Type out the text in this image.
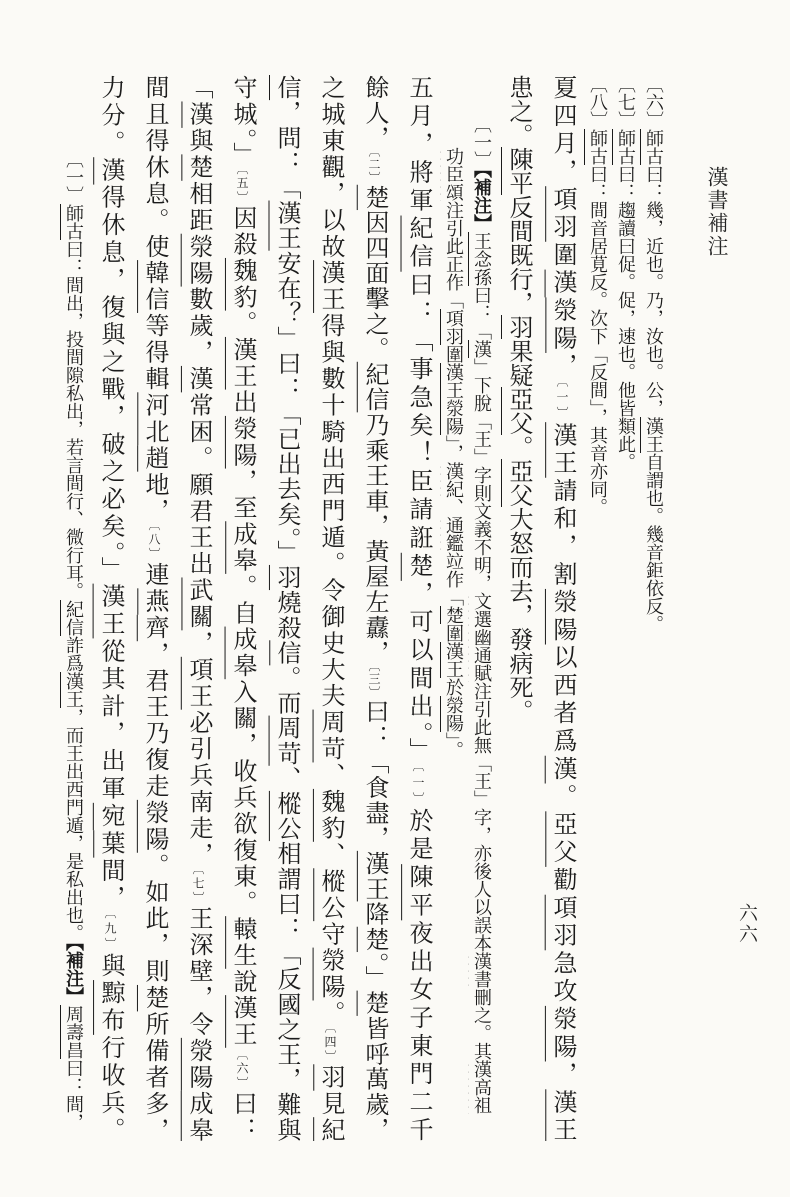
漢書補注
六六
〔六〕師古曰：幾，近也。乃，汝也。公，漢王自謂也。幾音鉅依反。
〔七〕師古曰：趨讀曰促。促，速也。他皆類此。
〔八〕師古曰：間音居莧反。次下「反間」，其音亦同。
夏四月，項羽圍漢滎陽，〔一〕漢王請和，割滎陽以西者爲漢。亞父勸項羽急攻滎陽，漢王
患之。陳平反間既行，羽果疑亞父。亞父大怒而去，發病死。
〔一〕【補注】王念孫曰：「漢」下脫「王」字則文義不明，文選幽通賦注引此無「王」字，亦後人以誤本漢書刪之。其漢高祖
功臣頌注引此正作「項羽圍漢王滎陽」，漢紀、通鑑竝作「楚圍漢王於滎陽」。
五月，將軍紀信曰：「事急矣！臣請誑楚，可以間出。」〔一〕於是陳平夜出女子東門二千
餘人，〔二〕楚因四面擊之。紀信乃乘王車，黃屋左纛，〔三〕曰：「食盡，漢王降楚。」楚皆呼萬歲，
之城東觀，以故漢王得與數十騎出西門遁。令御史大夫周苛、魏豹、樅公守滎陽。〔四〕羽見紀
信，問：「漢王安在？」曰：「已出去矣。」羽燒殺信。而周苛、樅公相謂曰：「反國之王，難與
守城。」〔五〕因殺魏豹。漢王出滎陽，至成皋。自成皋入關，收兵欲復東。轅生說漢王〔六〕曰：
「漢與楚相距滎陽數歲，漢常困。願君王出武關，項王必引兵南走，〔七〕王深壁，令滎陽成皋
間且得休息。使韓信等得輯河北趙地，〔八〕連燕齊，君王乃復走滎陽。如此，則楚所備者多，
力分。漢得休息，復與之戰，破之必矣。」漢王從其計，出軍宛葉間，〔九〕與黥布行收兵。
〔一〕師古曰：間出，投間隙私出，若言間行、微行耳。紀信詐爲漢王，而王出西門遁，是私出也。【補注】周壽昌曰：間，
